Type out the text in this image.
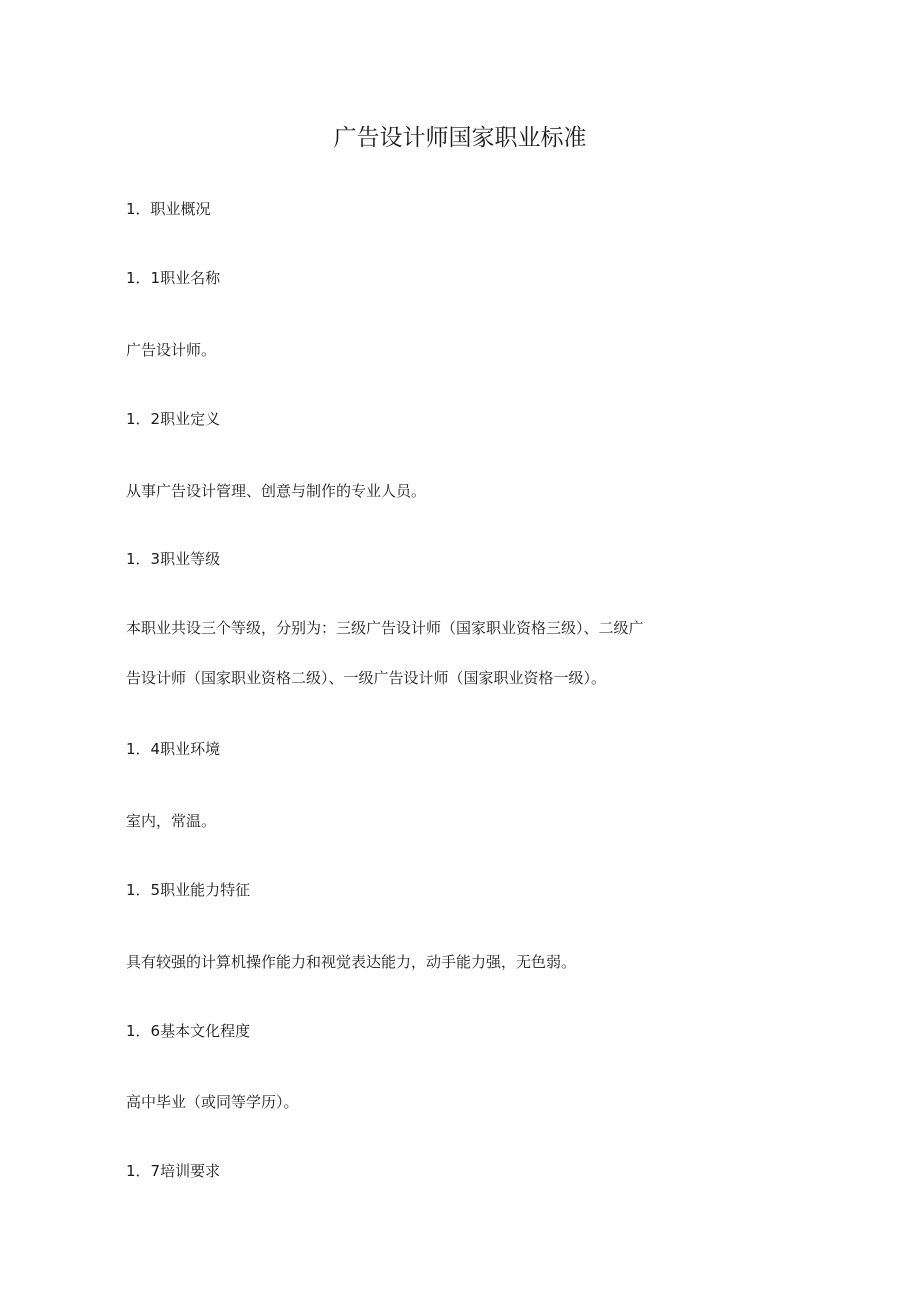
广告设计师国家职业标准
1．职业概况
1．1职业名称
广告设计师。
1．2职业定义
从事广告设计管理、创意与制作的专业人员。
1．3职业等级
本职业共设三个等级，分别为：三级广告设计师（国家职业资格三级）、二级广
告设计师（国家职业资格二级）、一级广告设计师（国家职业资格一级）。
1．4职业环境
室内，常温。
1．5职业能力特征
具有较强的计算机操作能力和视觉表达能力，动手能力强，无色弱。
1．6基本文化程度
高中毕业（或同等学历）。
1．7培训要求
